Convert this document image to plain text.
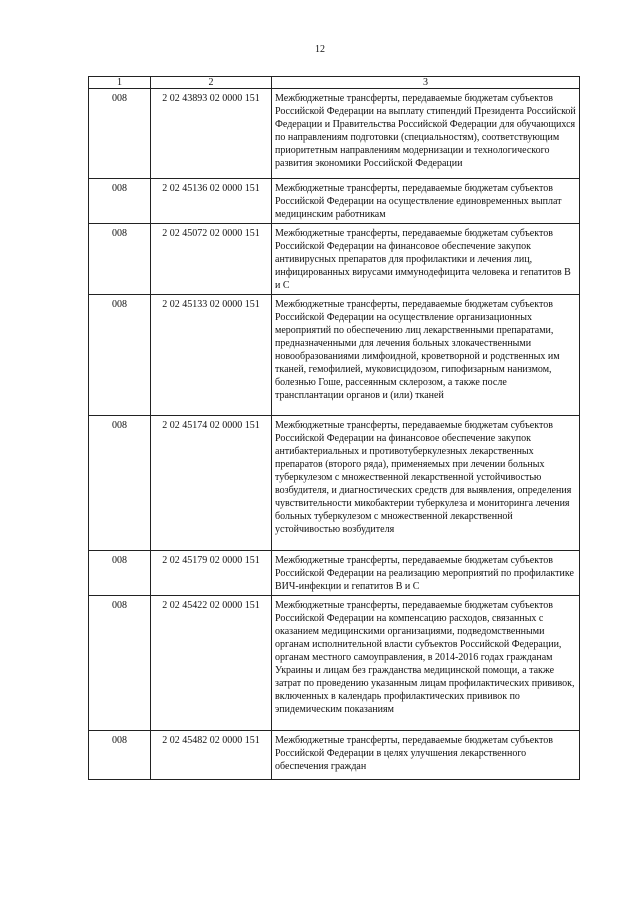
12
1	2	3
008	2 02 43893 02 0000 151	Межбюджетные трансферты, передаваемые бюджетам субъектов Российской Федерации на выплату стипендий Президента Российской Федерации и Правительства Российской Федерации для обучающихся по направлениям подготовки (специальностям), соответствующим приоритетным направлениям модернизации и технологического развития экономики Российской Федерации
008	2 02 45136 02 0000 151	Межбюджетные трансферты, передаваемые бюджетам субъектов Российской Федерации на осуществление единовременных выплат медицинским работникам
008	2 02 45072 02 0000 151	Межбюджетные трансферты, передаваемые бюджетам субъектов Российской Федерации на финансовое обеспечение закупок антивирусных препаратов для профилактики и лечения лиц, инфицированных вирусами иммунодефицита человека и гепатитов В и С
008	2 02 45133 02 0000 151	Межбюджетные трансферты, передаваемые бюджетам субъектов Российской Федерации на осуществление организационных мероприятий по обеспечению лиц лекарственными препаратами, предназначенными для лечения больных злокачественными новообразованиями лимфоидной, кроветворной и родственных им тканей, гемофилией, муковисцидозом, гипофизарным нанизмом, болезнью Гоше, рассеянным склерозом, а также после трансплантации органов и (или) тканей
008	2 02 45174 02 0000 151	Межбюджетные трансферты, передаваемые бюджетам субъектов Российской Федерации на финансовое обеспечение закупок антибактериальных и противотуберкулезных лекарственных препаратов (второго ряда), применяемых при лечении больных туберкулезом с множественной лекарственной устойчивостью возбудителя, и диагностических средств для выявления, определения чувствительности микобактерии туберкулеза и мониторинга лечения больных туберкулезом с множественной лекарственной устойчивостью возбудителя
008	2 02 45179 02 0000 151	Межбюджетные трансферты, передаваемые бюджетам субъектов Российской Федерации на реализацию мероприятий по профилактике ВИЧ-инфекции и гепатитов В и С
008	2 02 45422 02 0000 151	Межбюджетные трансферты, передаваемые бюджетам субъектов Российской Федерации на компенсацию расходов, связанных с оказанием медицинскими организациями, подведомственными органам исполнительной власти субъектов Российской Федерации, органам местного самоуправления, в 2014-2016 годах гражданам Украины и лицам без гражданства медицинской помощи, а также затрат по проведению указанным лицам профилактических прививок, включенных в календарь профилактических прививок по эпидемическим показаниям
008	2 02 45482 02 0000 151	Межбюджетные трансферты, передаваемые бюджетам субъектов Российской Федерации в целях улучшения лекарственного обеспечения граждан
